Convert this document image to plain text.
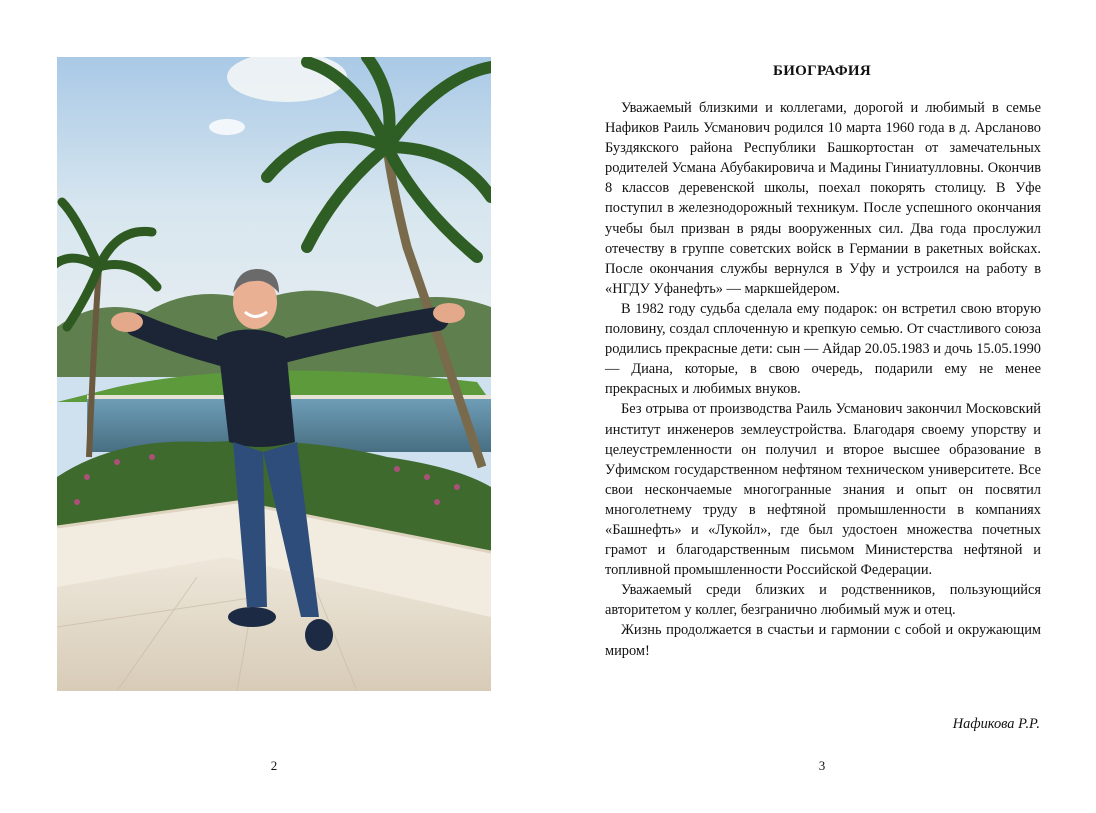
2
БИОГРАФИЯ

Уважаемый близкими и коллегами, дорогой и любимый в семье Нафиков Раиль Усманович родился 10 марта 1960 года в д. Арсланово Буздякского района Республики Башкортостан от замечательных родителей Усмана Абубакировича и Мадины Гиниатулловны. Окончив 8 классов деревенской школы, поехал покорять столицу. В Уфе поступил в железнодорожный техникум. После успешного окончания учебы был призван в ряды вооруженных сил. Два года прослужил отечеству в группе советских войск в Германии в ракетных войсках. После окончания службы вернулся в Уфу и устроился на работу в «НГДУ Уфанефть» — маркшейдером.

В 1982 году судьба сделала ему подарок: он встретил свою вторую половину, создал сплоченную и крепкую семью. От счастливого союза родились прекрасные дети: сын — Айдар 20.05.1983 и дочь 15.05.1990 — Диана, которые, в свою очередь, подарили ему не менее прекрасных и любимых внуков.

Без отрыва от производства Раиль Усманович закончил Московский институт инженеров землеустройства. Благодаря своему упорству и целеустремленности он получил и второе высшее образование в Уфимском государственном нефтяном техническом университете. Все свои нескончаемые многогранные знания и опыт он посвятил многолетнему труду в нефтяной промышленности в компаниях «Башнефть» и «Лукойл», где был удостоен множества почетных грамот и благодарственным письмом Министерства нефтяной и топливной промышленности Российской Федерации.

Уважаемый среди близких и родственников, пользующийся авторитетом у коллег, безгранично любимый муж и отец.

Жизнь продолжается в счастьи и гармонии с собой и окружающим миром!

Нафикова Р.Р.
3
